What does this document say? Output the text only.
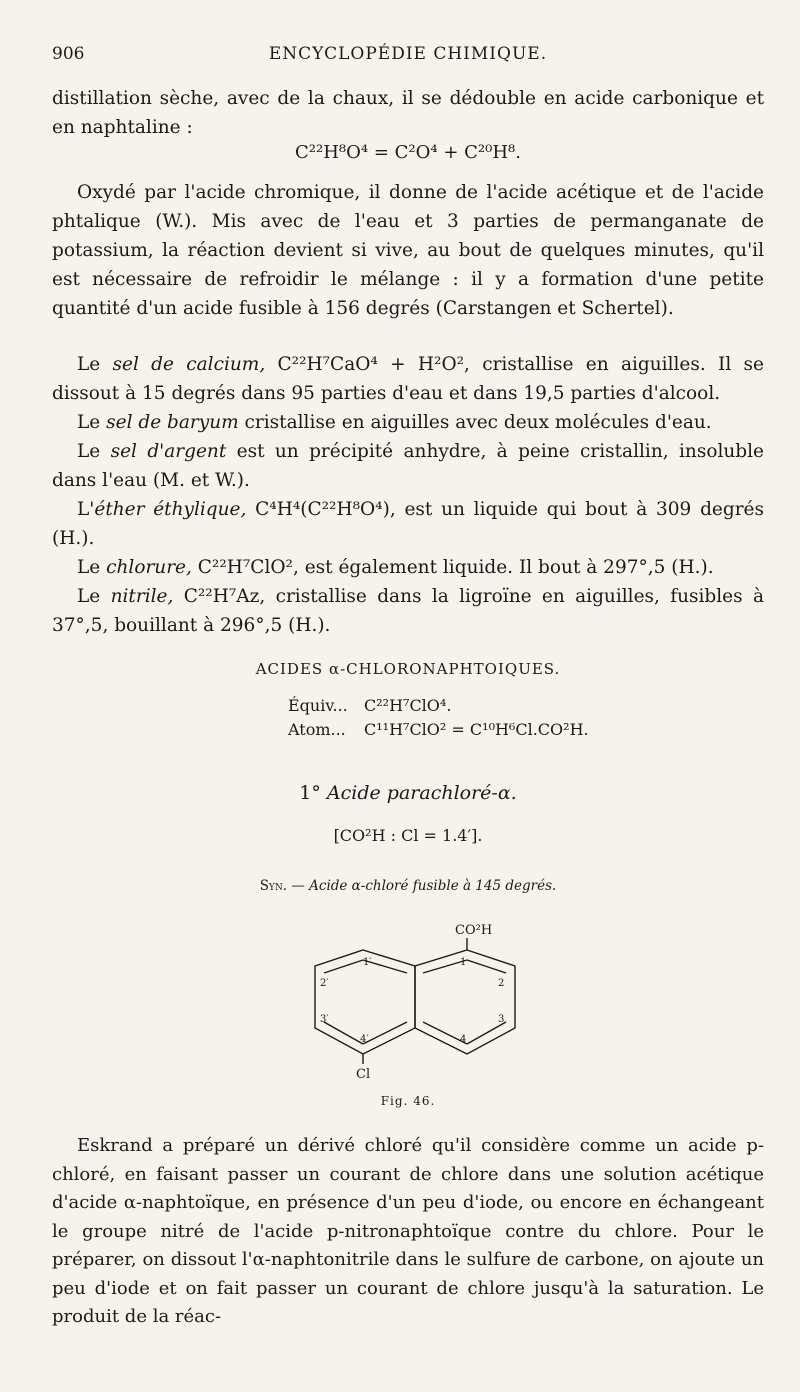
906	ENCYCLOPÉDIE CHIMIQUE.

distillation sèche, avec de la chaux, il se dédouble en acide carbonique et en naphtaline :

C²²H⁸O⁴ = C²O⁴ + C²⁰H⁸.

Oxydé par l'acide chromique, il donne de l'acide acétique et de l'acide phtalique (W.). Mis avec de l'eau et 3 parties de permanganate de potassium, la réaction devient si vive, au bout de quelques minutes, qu'il est nécessaire de refroidir le mélange : il y a formation d'une petite quantité d'un acide fusible à 156 degrés (Carstangen et Schertel).

Le sel de calcium, C²²H⁷CaO⁴ + H²O², cristallise en aiguilles. Il se dissout à 15 degrés dans 95 parties d'eau et dans 19,5 parties d'alcool.

Le sel de baryum cristallise en aiguilles avec deux molécules d'eau.

Le sel d'argent est un précipité anhydre, à peine cristallin, insoluble dans l'eau (M. et W.).

L'éther éthylique, C⁴H⁴(C²²H⁸O⁴), est un liquide qui bout à 309 degrés (H.).

Le chlorure, C²²H⁷ClO², est également liquide. Il bout à 297°,5 (H.).

Le nitrile, C²²H⁷Az, cristallise dans la ligroïne en aiguilles, fusibles à 37°,5, bouillant à 296°,5 (H.).

ACIDES α-CHLORONAPHTOIQUES.
Équiv... C²²H⁷ClO⁴.
Atom... C¹¹H⁷ClO² = C¹⁰H⁶Cl.CO²H.
1° Acide parachloré-α.
[CO²H : Cl = 1.4′].
Syn. — Acide α-chloré fusible à 145 degrés.
CO²H
Cl
1
1′
2′	2
3′	3
4′	4
Fig. 46.

Eskrand a préparé un dérivé chloré qu'il considère comme un acide p-chloré, en faisant passer un courant de chlore dans une solution acétique d'acide α-naphtoïque, en présence d'un peu d'iode, ou encore en échangeant le groupe nitré de l'acide p-nitronaphtoïque contre du chlore. Pour le préparer, on dissout l'α-naphtonitrile dans le sulfure de carbone, on ajoute un peu d'iode et on fait passer un courant de chlore jusqu'à la saturation. Le produit de la réac-
